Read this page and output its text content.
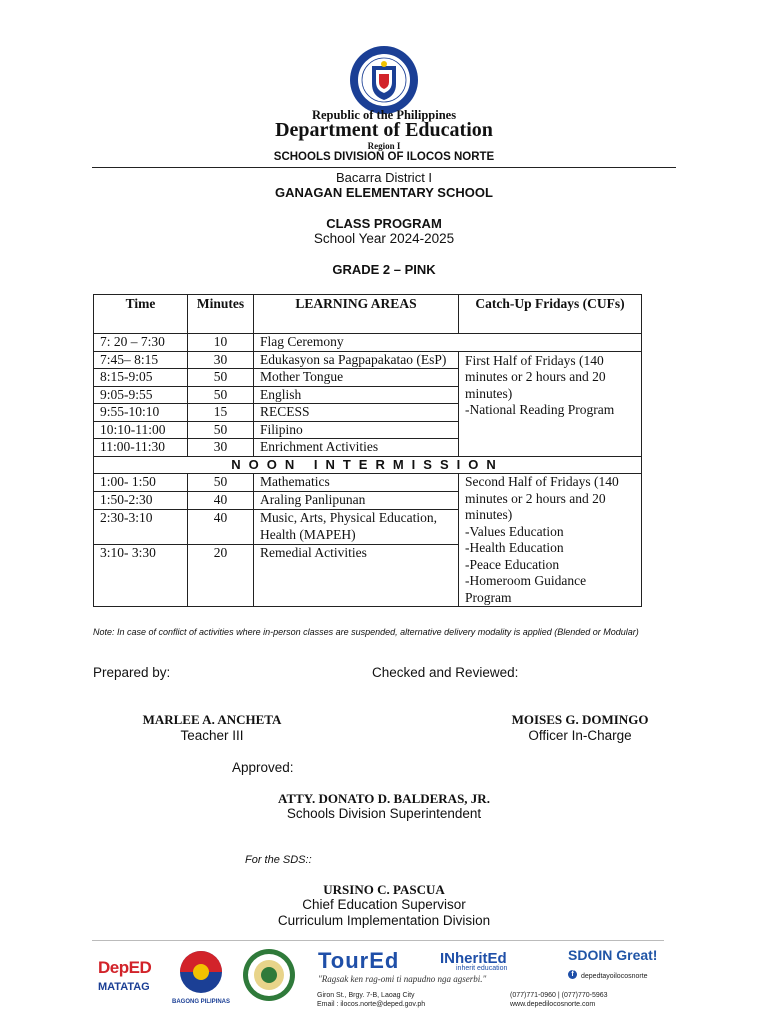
Republic of the Philippines
Department of Education
Region I
SCHOOLS DIVISION OF ILOCOS NORTE
Bacarra District I
GANAGAN ELEMENTARY SCHOOL
CLASS PROGRAM
School Year 2024-2025
GRADE 2 – PINK
Time	Minutes	LEARNING AREAS	Catch-Up Fridays (CUFs)
7: 20 – 7:30	10	Flag Ceremony	
7:45– 8:15	30	Edukasyon sa Pagpapakatao (EsP)	First Half of Fridays (140 minutes or 2 hours and 20 minutes)
-National Reading Program
8:15-9:05	50	Mother Tongue	
9:05-9:55	50	English	
9:55-10:10	15	RECESS	
10:10-11:00	50	Filipino	
11:00-11:30	30	Enrichment Activities	
NOON INTERMISSION			
1:00- 1:50	50	Mathematics	Second Half of Fridays (140 minutes or 2 hours and 20 minutes)
-Values Education
-Health Education
-Peace Education
-Homeroom Guidance Program
1:50-2:30	40	Araling Panlipunan	
2:30-3:10	40	Music, Arts, Physical Education, Health (MAPEH)	
3:10- 3:30	20	Remedial Activities	
Note: In case of conflict of activities where in-person classes are suspended, alternative delivery modality is applied (Blended or Modular)
Prepared by:	Checked and Reviewed:
MARLEE A. ANCHETA
Teacher III
MOISES G. DOMINGO
Officer In-Charge
Approved:
ATTY. DONATO D. BALDERAS, JR.
Schools Division Superintendent
For the SDS::
URSINO C. PASCUA
Chief Education Supervisor
Curriculum Implementation Division
DepED
MATATAG
BAGONG PILIPINAS
TourEd
"Ragsak ken rag-omi ti napudno nga agserbi."
INheritEd
inherit education
SDOIN Great!
f depedtayoilocosnorte
Giron St., Brgy. 7-B, Laoag City
Email : ilocos.norte@deped.gov.ph
(077)771-0960 | (077)770-5963
www.depedilocosnorte.com
